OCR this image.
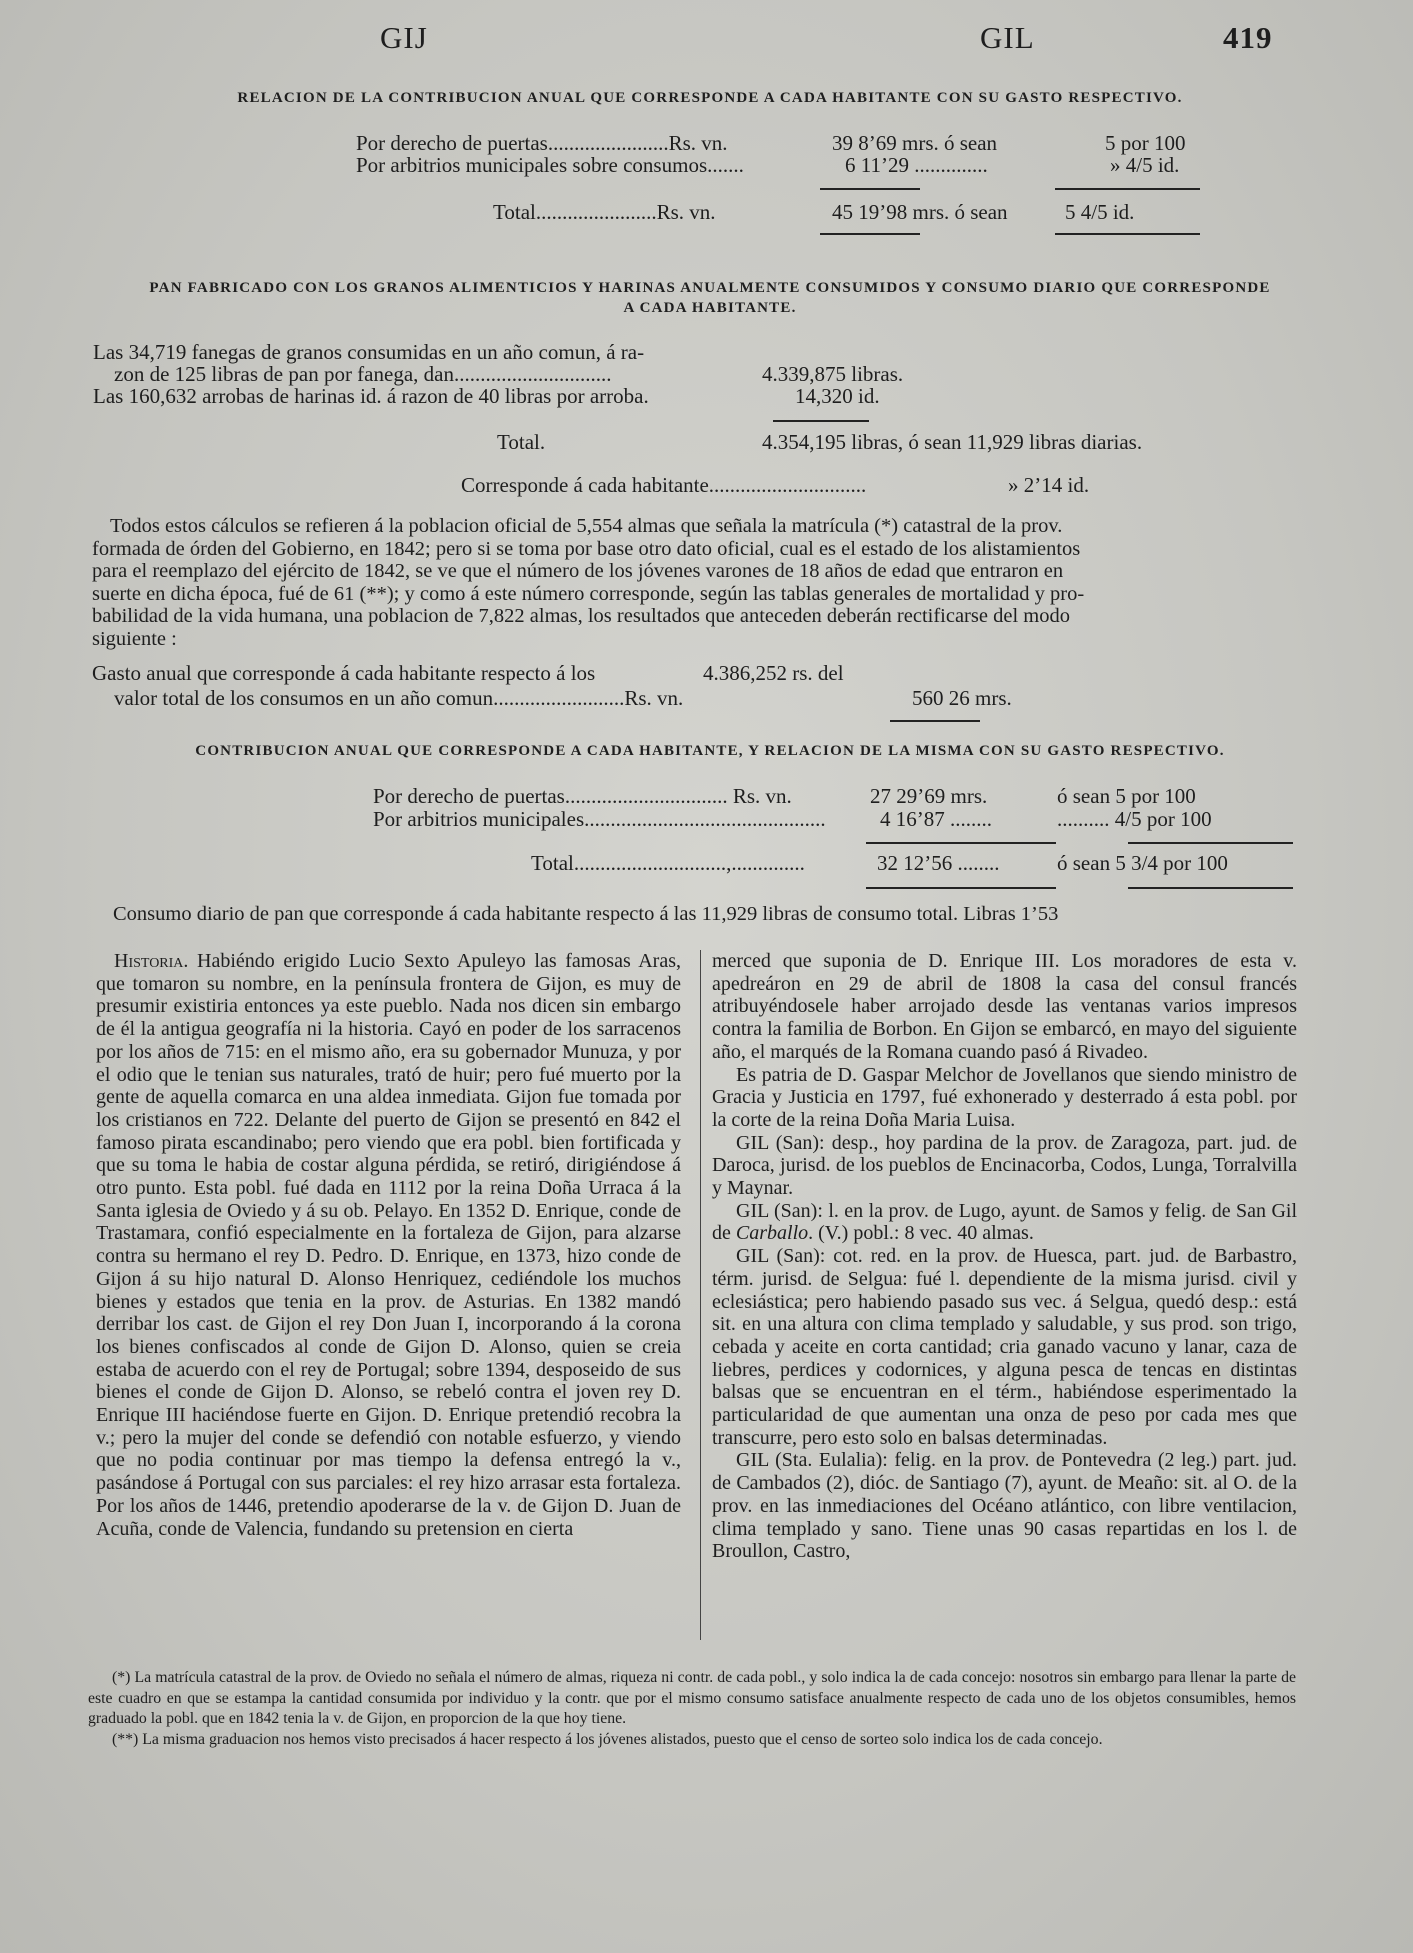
GIJ	GIL	419
RELACION DE LA CONTRIBUCION ANUAL QUE CORRESPONDE A CADA HABITANTE CON SU GASTO RESPECTIVO.
Por derecho de puertas.......................Rs. vn.	39 8’69 mrs. ó sean	5 por 100
Por arbitrios municipales sobre consumos.......	6 11’29 ..............	» 4/5 id.
Total.......................Rs. vn.	45 19’98 mrs. ó sean	5 4/5 id.
PAN FABRICADO CON LOS GRANOS ALIMENTICIOS Y HARINAS ANUALMENTE CONSUMIDOS Y CONSUMO DIARIO QUE CORRESPONDE
A CADA HABITANTE.
Las 34,719 fanegas de granos consumidas en un año comun, á ra-
zon de 125 libras de pan por fanega, dan..............................	4.339,875 libras.
Las 160,632 arrobas de harinas id. á razon de 40 libras por arroba.	14,320 id.
Total.	4.354,195 libras, ó sean 11,929 libras diarias.
Corresponde á cada habitante..............................	» 2’14 id.
Todos estos cálculos se refieren á la poblacion oficial de 5,554 almas que señala la matrícula (*) catastral de la prov.
formada de órden del Gobierno, en 1842; pero si se toma por base otro dato oficial, cual es el estado de los alistamientos
para el reemplazo del ejército de 1842, se ve que el número de los jóvenes varones de 18 años de edad que entraron en
suerte en dicha época, fué de 61 (**); y como á este número corresponde, según las tablas generales de mortalidad y pro-
babilidad de la vida humana, una poblacion de 7,822 almas, los resultados que anteceden deberán rectificarse del modo
siguiente :
Gasto anual que corresponde á cada habitante respecto á los	4.386,252 rs. del
valor total de los consumos en un año comun.........................Rs. vn.	560 26 mrs.
CONTRIBUCION ANUAL QUE CORRESPONDE A CADA HABITANTE, Y RELACION DE LA MISMA CON SU GASTO RESPECTIVO.
Por derecho de puertas............................... Rs. vn.	27 29’69 mrs.	ó sean 5 por 100
Por arbitrios municipales..............................................	4 16’87 ........	.......... 4/5 por 100
Total.............................,..............	32 12’56 ........	ó sean 5 3/4 por 100
Consumo diario de pan que corresponde á cada habitante respecto á las 11,929 libras de consumo total. Libras 1’53

Historia. Habiéndo erigido Lucio Sexto Apuleyo las famosas Aras, que tomaron su nombre, en la península frontera de Gijon, es muy de presumir existiria entonces ya este pueblo. Nada nos dicen sin embargo de él la antigua geografía ni la historia. Cayó en poder de los sarracenos por los años de 715: en el mismo año, era su gobernador Munuza, y por el odio que le tenian sus naturales, trató de huir; pero fué muerto por la gente de aquella comarca en una aldea inmediata. Gijon fue tomada por los cristianos en 722. Delante del puerto de Gijon se presentó en 842 el famoso pirata escandinabo; pero viendo que era pobl. bien fortificada y que su toma le habia de costar alguna pérdida, se retiró, dirigiéndose á otro punto. Esta pobl. fué dada en 1112 por la reina Doña Urraca á la Santa iglesia de Oviedo y á su ob. Pelayo. En 1352 D. Enrique, conde de Trastamara, confió especialmente en la fortaleza de Gijon, para alzarse contra su hermano el rey D. Pedro. D. Enrique, en 1373, hizo conde de Gijon á su hijo natural D. Alonso Henriquez, cediéndole los muchos bienes y estados que tenia en la prov. de Asturias. En 1382 mandó derribar los cast. de Gijon el rey Don Juan I, incorporando á la corona los bienes confiscados al conde de Gijon D. Alonso, quien se creia estaba de acuerdo con el rey de Portugal; sobre 1394, desposeido de sus bienes el conde de Gijon D. Alonso, se rebeló contra el joven rey D. Enrique III haciéndose fuerte en Gijon. D. Enrique pretendió recobra la v.; pero la mujer del conde se defendió con notable esfuerzo, y viendo que no podia continuar por mas tiempo la defensa entregó la v., pasándose á Portugal con sus parciales: el rey hizo arrasar esta fortaleza. Por los años de 1446, pretendio apoderarse de la v. de Gijon D. Juan de Acuña, conde de Valencia, fundando su pretension en cierta

merced que suponia de D. Enrique III. Los moradores de esta v. apedreáron en 29 de abril de 1808 la casa del consul francés atribuyéndosele haber arrojado desde las ventanas varios impresos contra la familia de Borbon. En Gijon se embarcó, en mayo del siguiente año, el marqués de la Romana cuando pasó á Rivadeo.

Es patria de D. Gaspar Melchor de Jovellanos que siendo ministro de Gracia y Justicia en 1797, fué exhonerado y desterrado á esta pobl. por la corte de la reina Doña Maria Luisa.

GIL (San): desp., hoy pardina de la prov. de Zaragoza, part. jud. de Daroca, jurisd. de los pueblos de Encinacorba, Codos, Lunga, Torralvilla y Maynar.

GIL (San): l. en la prov. de Lugo, ayunt. de Samos y felig. de San Gil de Carballo. (V.) pobl.: 8 vec. 40 almas.

GIL (San): cot. red. en la prov. de Huesca, part. jud. de Barbastro, térm. jurisd. de Selgua: fué l. dependiente de la misma jurisd. civil y eclesiástica; pero habiendo pasado sus vec. á Selgua, quedó desp.: está sit. en una altura con clima templado y saludable, y sus prod. son trigo, cebada y aceite en corta cantidad; cria ganado vacuno y lanar, caza de liebres, perdices y codornices, y alguna pesca de tencas en distintas balsas que se encuentran en el térm., habiéndose esperimentado la particularidad de que aumentan una onza de peso por cada mes que transcurre, pero esto solo en balsas determinadas.

GIL (Sta. Eulalia): felig. en la prov. de Pontevedra (2 leg.) part. jud. de Cambados (2), dióc. de Santiago (7), ayunt. de Meaño: sit. al O. de la prov. en las inmediaciones del Océano atlántico, con libre ventilacion, clima templado y sano. Tiene unas 90 casas repartidas en los l. de Broullon, Castro,

(*) La matrícula catastral de la prov. de Oviedo no señala el número de almas, riqueza ni contr. de cada pobl., y solo indica la de cada concejo: nosotros sin embargo para llenar la parte de este cuadro en que se estampa la cantidad consumida por individuo y la contr. que por el mismo consumo satisface anualmente respecto de cada uno de los objetos consumibles, hemos graduado la pobl. que en 1842 tenia la v. de Gijon, en proporcion de la que hoy tiene.

(**) La misma graduacion nos hemos visto precisados á hacer respecto á los jóvenes alistados, puesto que el censo de sorteo solo indica los de cada concejo.
